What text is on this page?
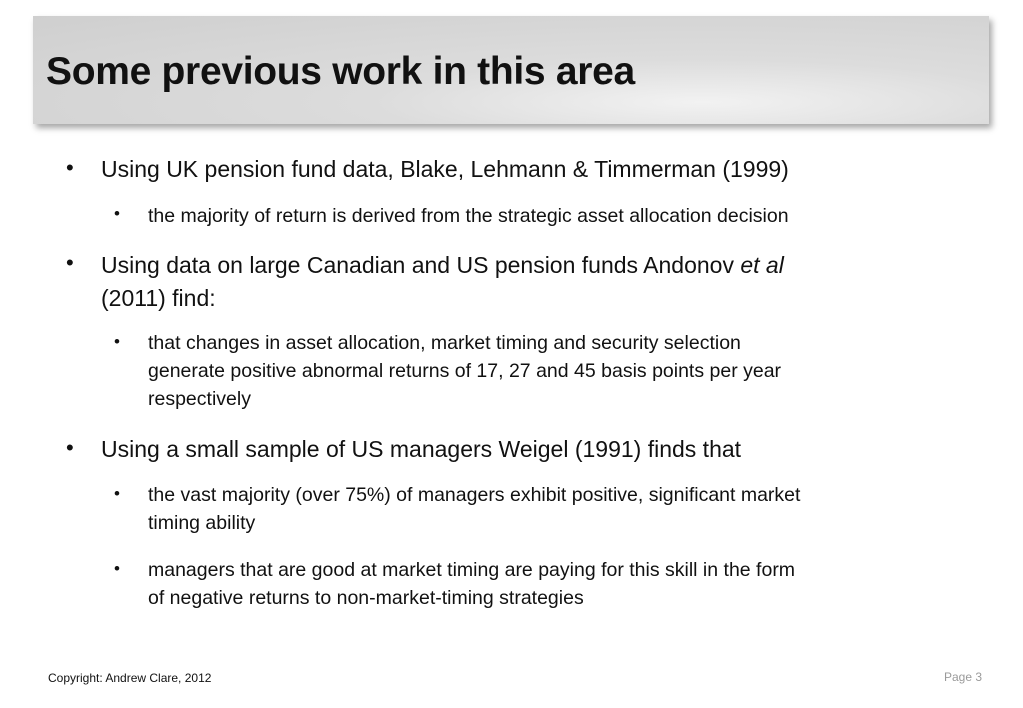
Some previous work in this area
• Using UK pension fund data, Blake, Lehmann & Timmerman (1999)
• the majority of return is derived from the strategic asset allocation decision
• Using data on large Canadian and US pension funds Andonov et al
(2011) find:
• that changes in asset allocation, market timing and security selection
generate positive abnormal returns of 17, 27 and 45 basis points per year
respectively
• Using a small sample of US managers Weigel (1991) finds that
• the vast majority (over 75%) of managers exhibit positive, significant market
timing ability
• managers that are good at market timing are paying for this skill in the form
of negative returns to non-market-timing strategies
Copyright: Andrew Clare, 2012	Page 3
